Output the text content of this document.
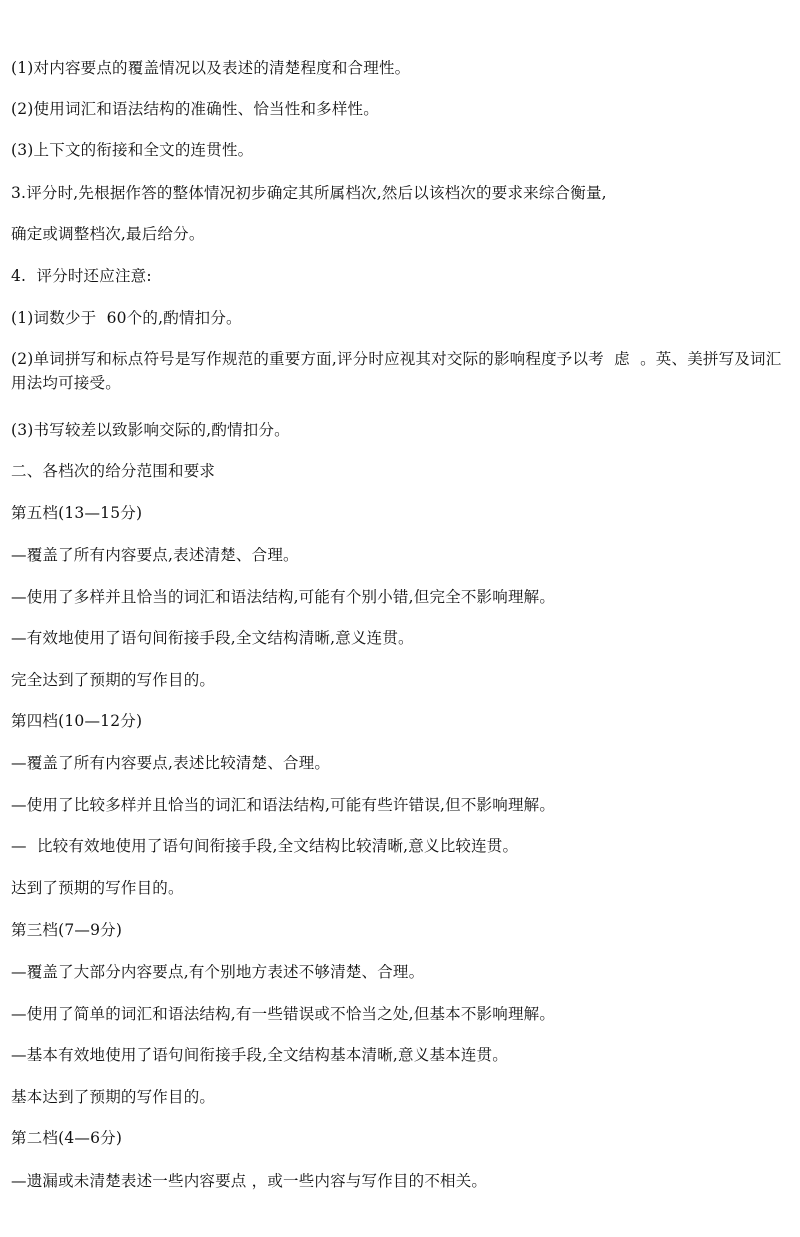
(1)对内容要点的覆盖情况以及表述的清楚程度和合理性。
(2)使用词汇和语法结构的准确性、恰当性和多样性。
(3)上下文的衔接和全文的连贯性。
3.评分时,先根据作答的整体情况初步确定其所属档次,然后以该档次的要求来综合衡量,
确定或调整档次,最后给分。
4.  评分时还应注意:
(1)词数少于  60个的,酌情扣分。
(2)单词拼写和标点符号是写作规范的重要方面,评分时应视其对交际的影响程度予以考  虑  。英、美拼写及词汇用法均可接受。
(3)书写较差以致影响交际的,酌情扣分。
二、各档次的给分范围和要求
第五档(13—15分)
—覆盖了所有内容要点,表述清楚、合理。
—使用了多样并且恰当的词汇和语法结构,可能有个别小错,但完全不影响理解。
—有效地使用了语句间衔接手段,全文结构清晰,意义连贯。
完全达到了预期的写作目的。
第四档(10—12分)
—覆盖了所有内容要点,表述比较清楚、合理。
—使用了比较多样并且恰当的词汇和语法结构,可能有些许错误,但不影响理解。
—  比较有效地使用了语句间衔接手段,全文结构比较清晰,意义比较连贯。
达到了预期的写作目的。
第三档(7—9分)
—覆盖了大部分内容要点,有个别地方表述不够清楚、合理。
—使用了简单的词汇和语法结构,有一些错误或不恰当之处,但基本不影响理解。
—基本有效地使用了语句间衔接手段,全文结构基本清晰,意义基本连贯。
基本达到了预期的写作目的。
第二档(4—6分)
—遗漏或未清楚表述一些内容要点 ，或一些内容与写作目的不相关。
